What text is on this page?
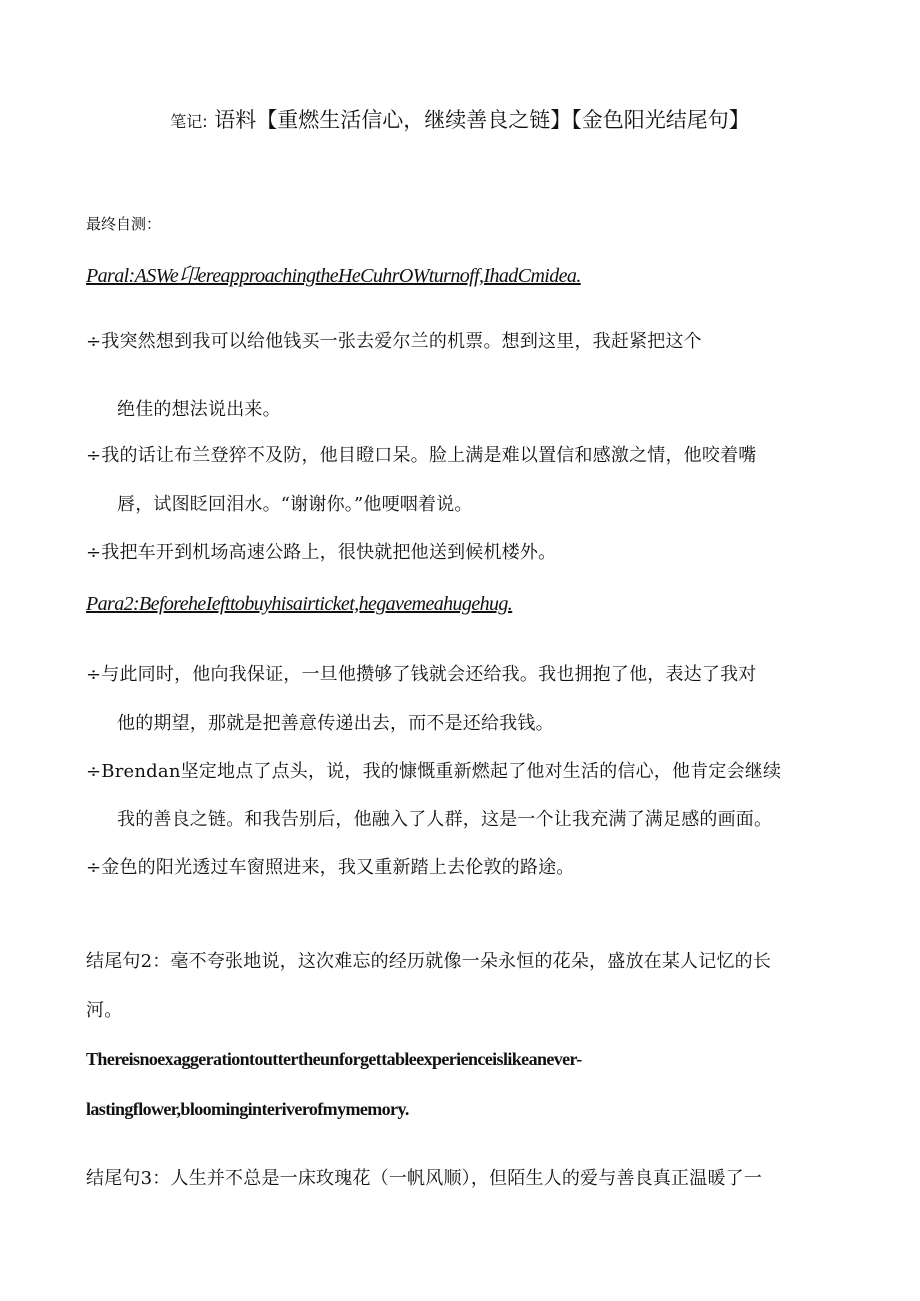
笔记: 语料【重燃生活信心，继续善良之链】【金色阳光结尾句】
最终自测：
Paral:ASWe卬ereapproachingtheHeCuhrOWturnoff,IhadCmidea.
÷我突然想到我可以给他钱买一张去爱尔兰的机票。想到这里，我赶紧把这个
绝佳的想法说出来。
÷我的话让布兰登猝不及防，他目瞪口呆。脸上满是难以置信和感激之情，他咬着嘴
唇，试图眨回泪水。“谢谢你。”他哽咽着说。
÷我把车开到机场高速公路上，很快就把他送到候机楼外。
Para2:BeforeheIefttobuyhisairticket,hegavemeahugehug.
÷与此同时，他向我保证，一旦他攒够了钱就会还给我。我也拥抱了他，表达了我对
他的期望，那就是把善意传递出去，而不是还给我钱。
÷Brendan坚定地点了点头，说，我的慷慨重新燃起了他对生活的信心，他肯定会继续
我的善良之链。和我告别后，他融入了人群，这是一个让我充满了满足感的画面。
÷金色的阳光透过车窗照进来，我又重新踏上去伦敦的路途。
结尾句2：毫不夸张地说，这次难忘的经历就像一朵永恒的花朵，盛放在某人记忆的长
河。
Thereisnoexaggerationtouttertheunforgettableexperienceislikeanever-
lastingflower,bloominginteriverofmymemory.
结尾句3：人生并不总是一床玫瑰花（一帆风顺），但陌生人的爱与善良真正温暖了一
